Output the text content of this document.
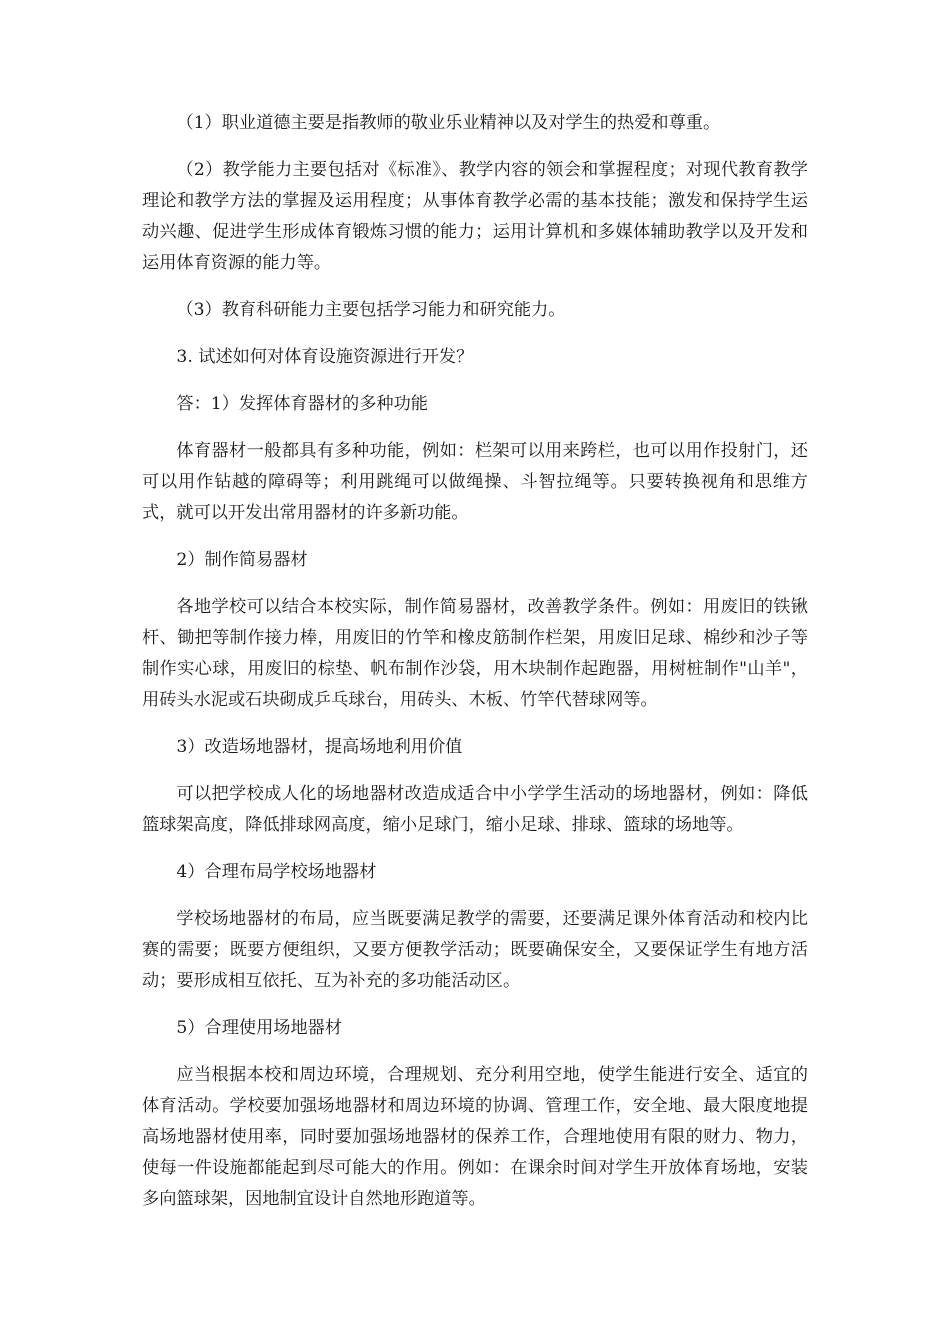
（1）职业道德主要是指教师的敬业乐业精神以及对学生的热爱和尊重。

（2）教学能力主要包括对《标准》、教学内容的领会和掌握程度；对现代教育教学理论和教学方法的掌握及运用程度；从事体育教学必需的基本技能；激发和保持学生运动兴趣、促进学生形成体育锻炼习惯的能力；运用计算机和多媒体辅助教学以及开发和运用体育资源的能力等。

（3）教育科研能力主要包括学习能力和研究能力。

3. 试述如何对体育设施资源进行开发？

答：1）发挥体育器材的多种功能

体育器材一般都具有多种功能，例如：栏架可以用来跨栏，也可以用作投射门，还可以用作钻越的障碍等；利用跳绳可以做绳操、斗智拉绳等。只要转换视角和思维方式，就可以开发出常用器材的许多新功能。

2）制作简易器材

各地学校可以结合本校实际，制作简易器材，改善教学条件。例如：用废旧的铁锹杆、锄把等制作接力棒，用废旧的竹竿和橡皮筋制作栏架，用废旧足球、棉纱和沙子等制作实心球，用废旧的棕垫、帆布制作沙袋，用木块制作起跑器，用树桩制作"山羊"，用砖头水泥或石块砌成乒乓球台，用砖头、木板、竹竿代替球网等。

3）改造场地器材，提高场地利用价值

可以把学校成人化的场地器材改造成适合中小学学生活动的场地器材，例如：降低篮球架高度，降低排球网高度，缩小足球门，缩小足球、排球、篮球的场地等。

4）合理布局学校场地器材

学校场地器材的布局，应当既要满足教学的需要，还要满足课外体育活动和校内比赛的需要；既要方便组织，又要方便教学活动；既要确保安全，又要保证学生有地方活动；要形成相互依托、互为补充的多功能活动区。

5）合理使用场地器材

应当根据本校和周边环境，合理规划、充分利用空地，使学生能进行安全、适宜的体育活动。学校要加强场地器材和周边环境的协调、管理工作，安全地、最大限度地提高场地器材使用率，同时要加强场地器材的保养工作，合理地使用有限的财力、物力，使每一件设施都能起到尽可能大的作用。例如：在课余时间对学生开放体育场地，安装多向篮球架，因地制宜设计自然地形跑道等。
